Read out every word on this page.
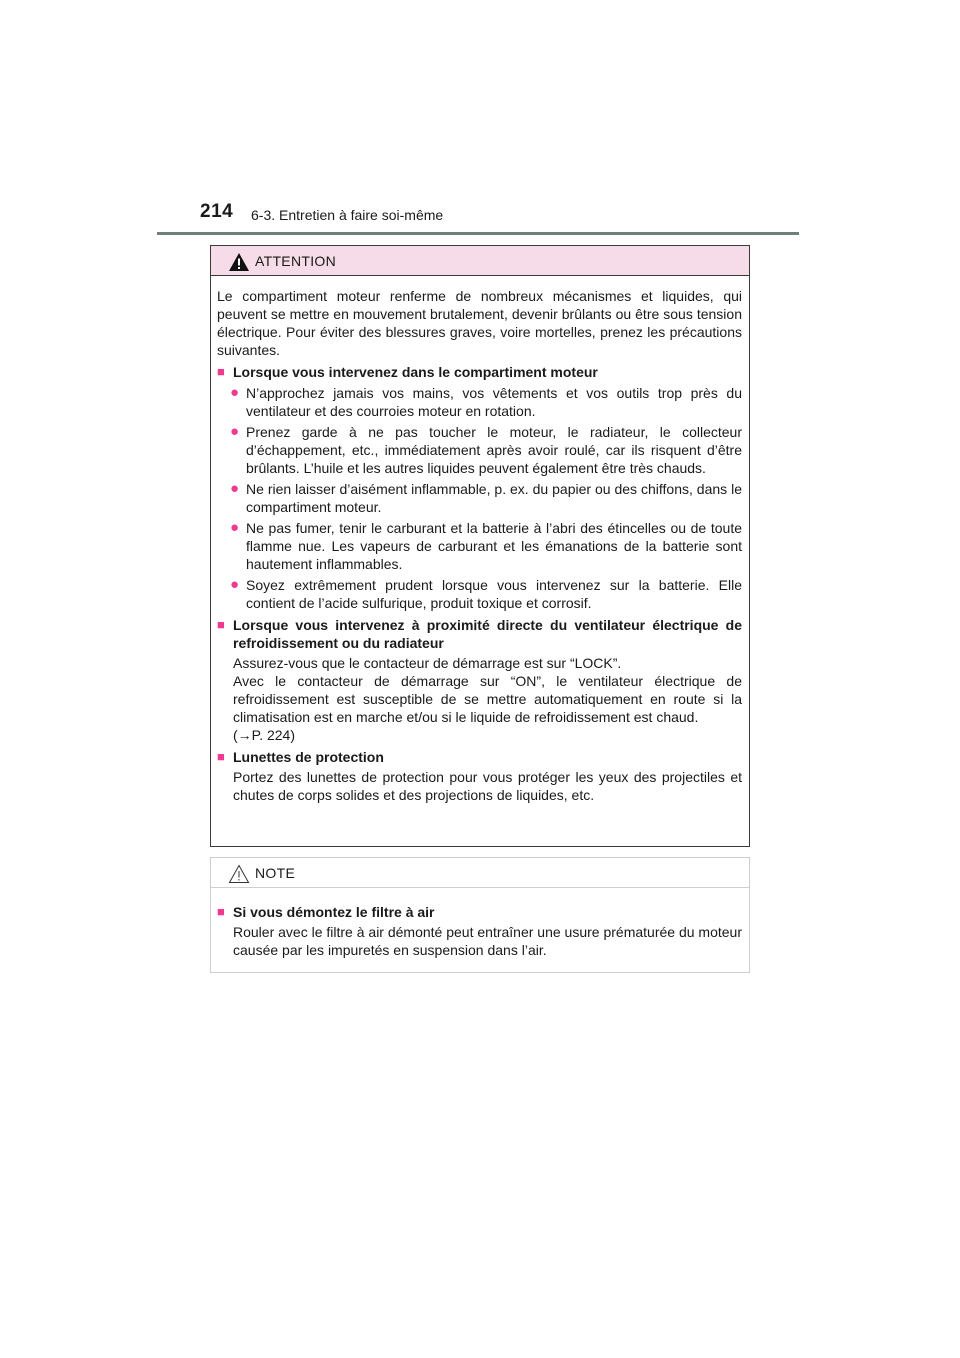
214 6-3. Entretien à faire soi-même
ATTENTION

Le compartiment moteur renferme de nombreux mécanismes et liquides, qui peuvent se mettre en mouvement brutalement, devenir brûlants ou être sous tension électrique. Pour éviter des blessures graves, voire mortelles, prenez les précautions suivantes.

■ Lorsque vous intervenez dans le compartiment moteur
● N’approchez jamais vos mains, vos vêtements et vos outils trop près du ventilateur et des courroies moteur en rotation.
● Prenez garde à ne pas toucher le moteur, le radiateur, le collecteur d’échappement, etc., immédiatement après avoir roulé, car ils risquent d’être brûlants. L’huile et les autres liquides peuvent également être très chauds.
● Ne rien laisser d’aisément inflammable, p. ex. du papier ou des chiffons, dans le compartiment moteur.
● Ne pas fumer, tenir le carburant et la batterie à l’abri des étincelles ou de toute flamme nue. Les vapeurs de carburant et les émanations de la batterie sont hautement inflammables.
● Soyez extrêmement prudent lorsque vous intervenez sur la batterie. Elle contient de l’acide sulfurique, produit toxique et corrosif.
■ Lorsque vous intervenez à proximité directe du ventilateur électrique de refroidissement ou du radiateur
Assurez-vous que le contacteur de démarrage est sur “LOCK”.
Avec le contacteur de démarrage sur “ON”, le ventilateur électrique de refroidissement est susceptible de se mettre automatiquement en route si la climatisation est en marche et/ou si le liquide de refroidissement est chaud.
(→P. 224)
■ Lunettes de protection
Portez des lunettes de protection pour vous protéger les yeux des projectiles et chutes de corps solides et des projections de liquides, etc.
NOTE
■ Si vous démontez le filtre à air
Rouler avec le filtre à air démonté peut entraîner une usure prématurée du moteur causée par les impuretés en suspension dans l’air.
